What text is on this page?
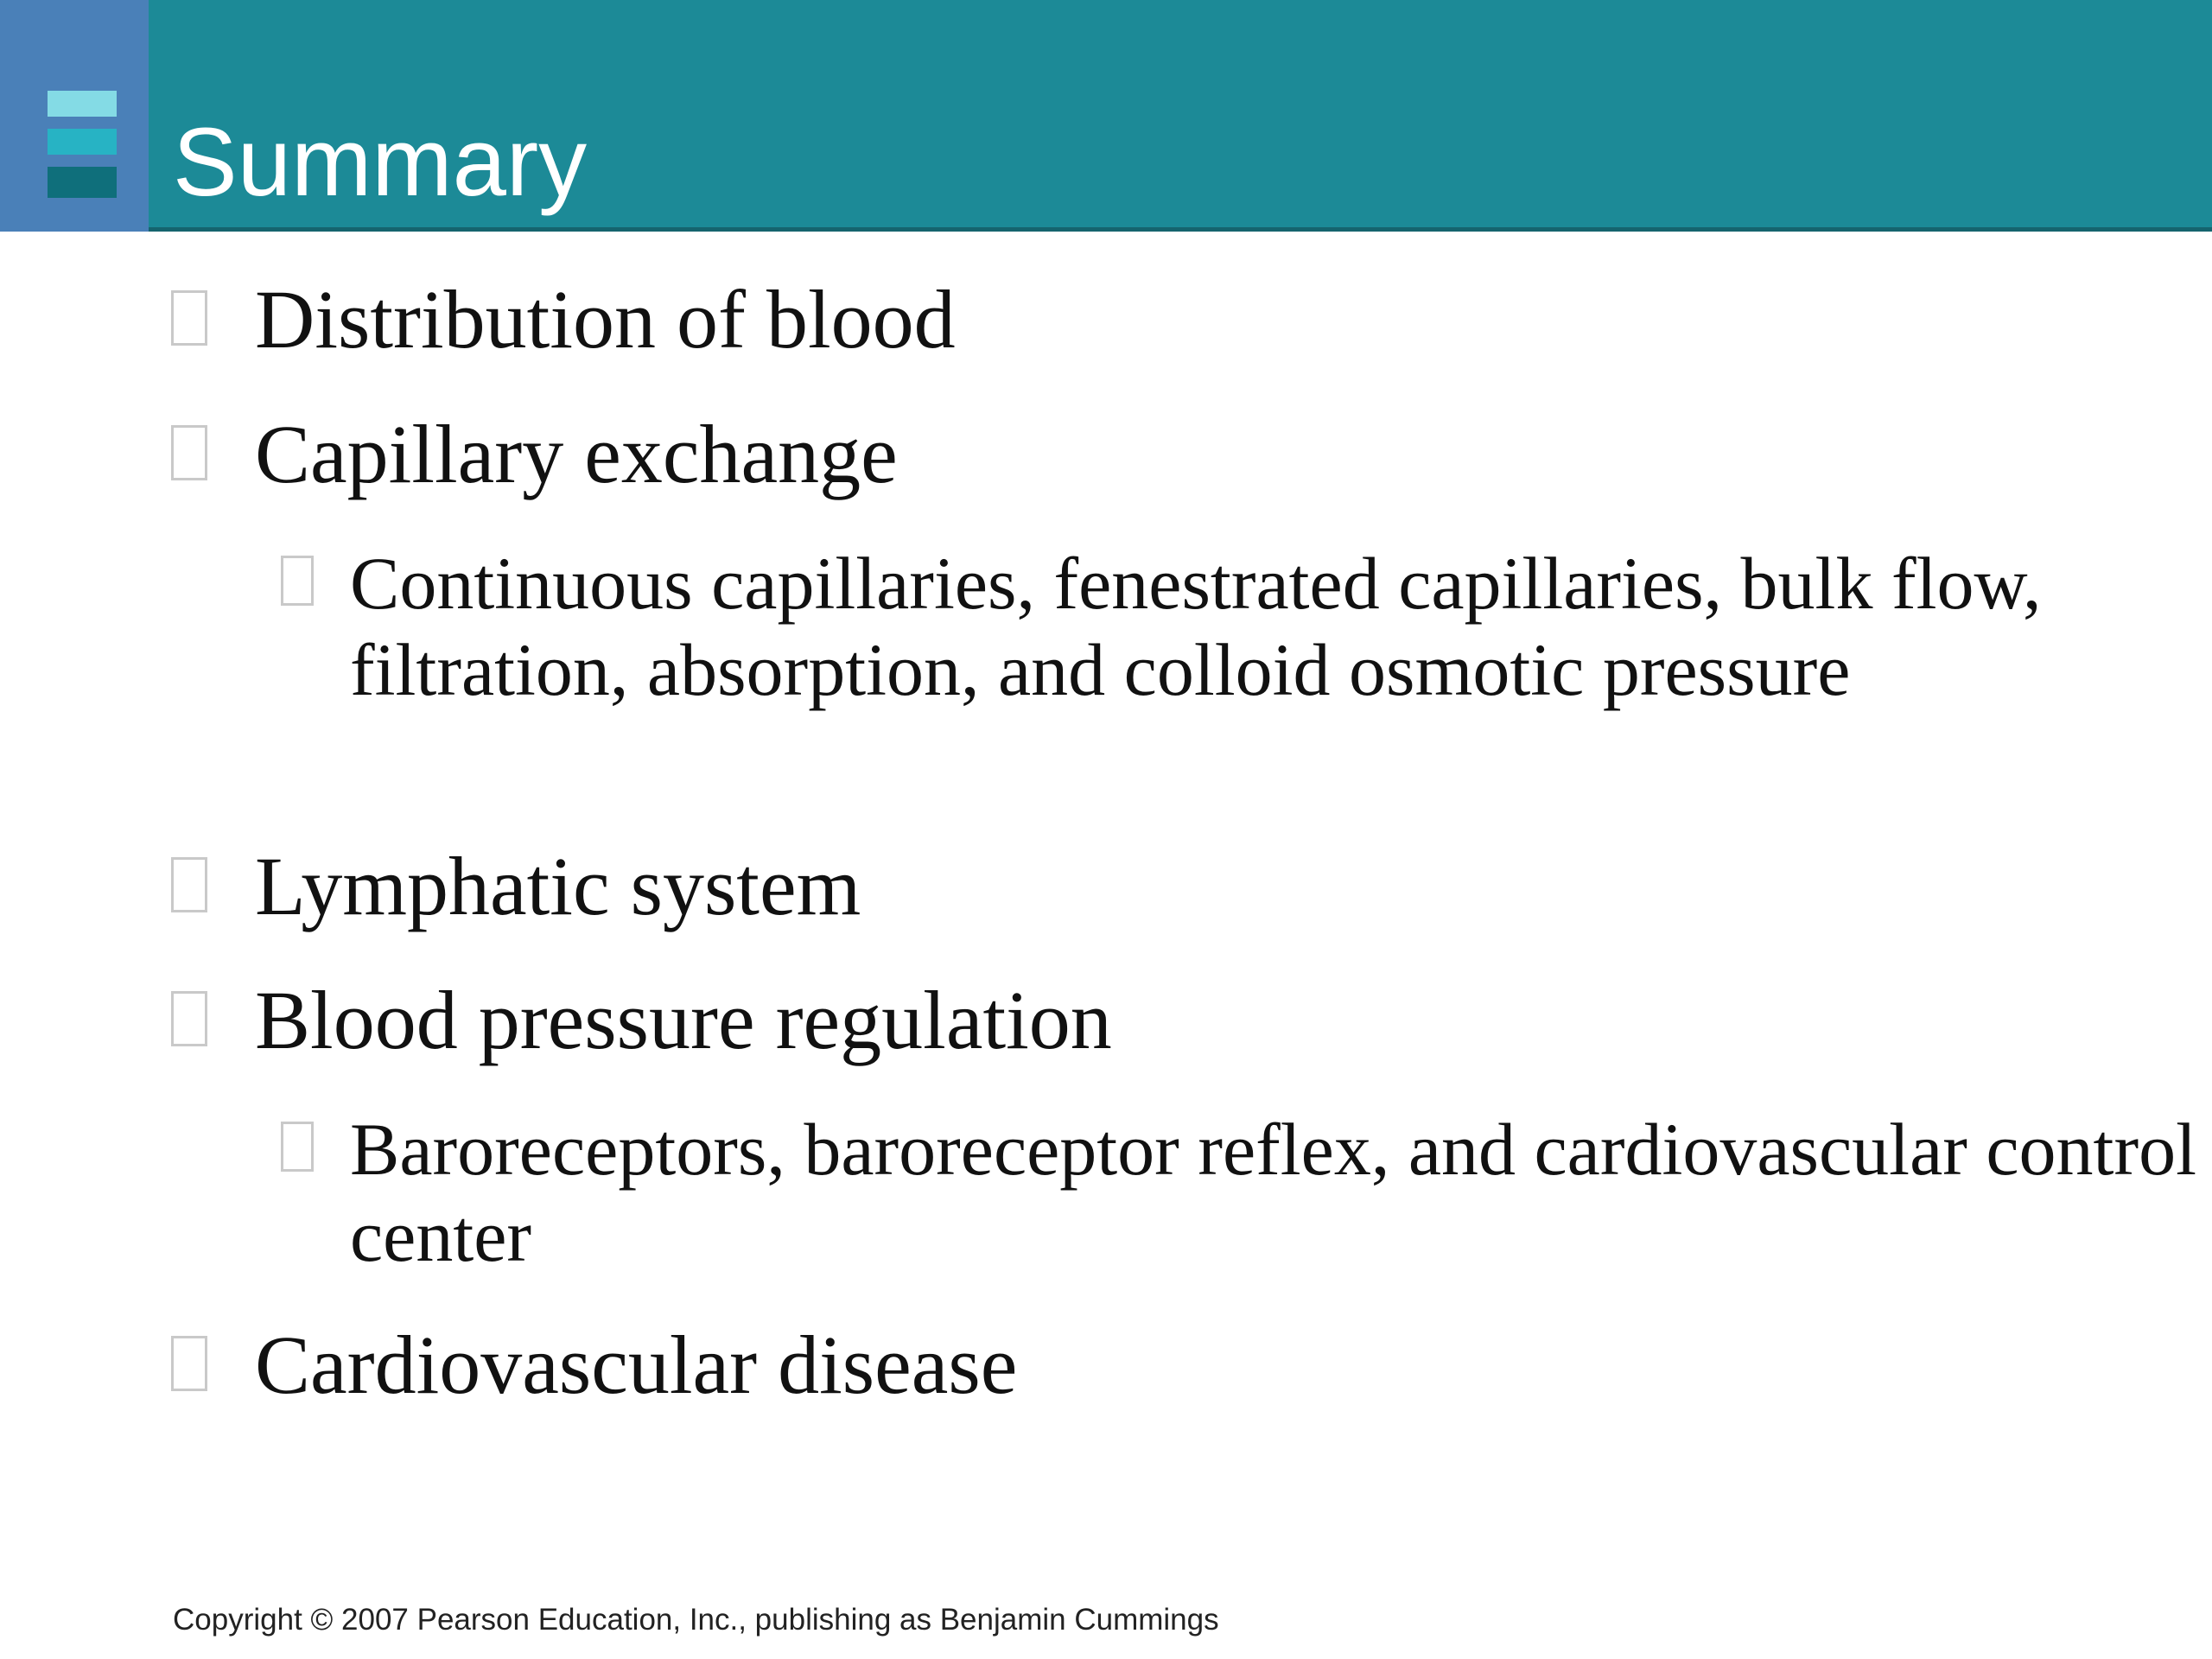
Summary
Distribution of blood
Capillary exchange
Continuous capillaries, fenestrated capillaries, bulk flow, filtration, absorption, and colloid osmotic pressure
Lymphatic system
Blood pressure regulation
Baroreceptors, baroreceptor reflex, and cardiovascular control center
Cardiovascular disease
Copyright © 2007 Pearson Education, Inc., publishing as Benjamin Cummings
